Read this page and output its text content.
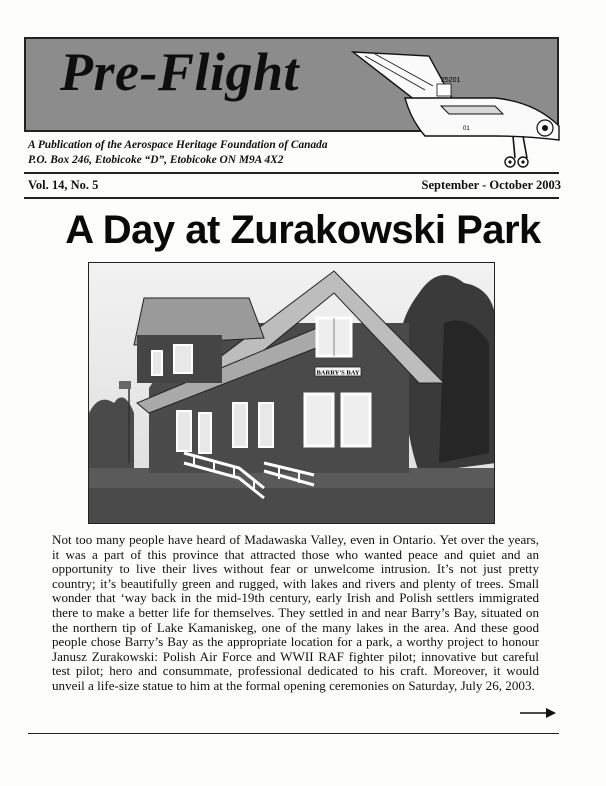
Pre-Flight	25201
01
A Publication of the Aerospace Heritage Foundation of Canada
P.O. Box 246, Etobicoke “D”, Etobicoke ON M9A 4X2
Vol. 14, No. 5	September - October 2003
A Day at Zurakowski Park
BARRY'S BAY
Not too many people have heard of Madawaska Valley, even in Ontario. Yet over the years, it was a part of this province that attracted those who wanted peace and quiet and an opportunity to live their lives without fear or unwelcome intrusion. It’s not just pretty country; it’s beautifully green and rugged, with lakes and rivers and plenty of trees. Small wonder that ‘way back in the mid-19th century, early Irish and Polish settlers immigrated there to make a better life for themselves. They settled in and near Barry’s Bay, situated on the northern tip of Lake Kamaniskeg, one of the many lakes in the area. And these good people chose Barry’s Bay as the appropriate location for a park, a worthy project to honour Janusz Zurakowski: Polish Air Force and WWII RAF fighter pilot; innovative but careful test pilot; hero and consummate, professional dedicated to his craft. Moreover, it would unveil a life-size statue to him at the formal opening ceremonies on Saturday, July 26, 2003.
